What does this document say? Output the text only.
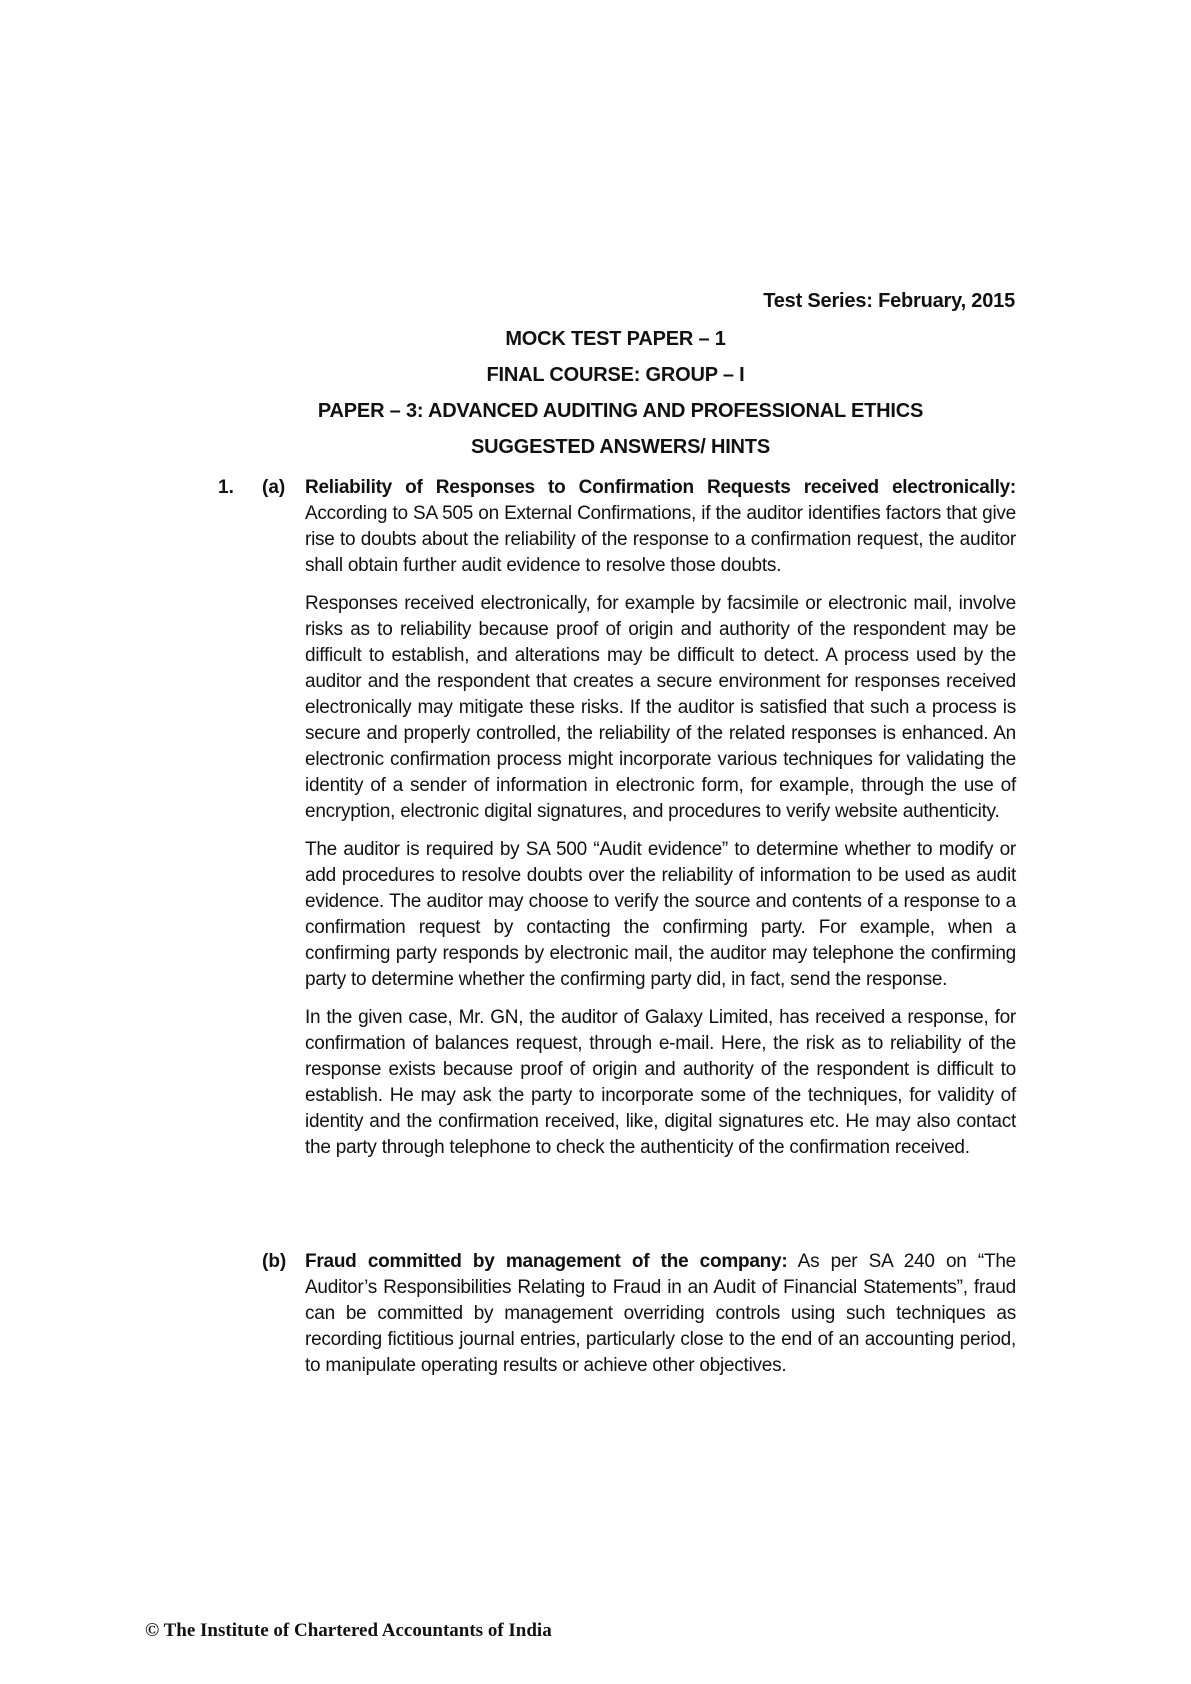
Test Series: February, 2015
MOCK TEST PAPER – 1
FINAL COURSE: GROUP – I
PAPER – 3: ADVANCED AUDITING AND PROFESSIONAL ETHICS
SUGGESTED ANSWERS/ HINTS
1. (a) Reliability of Responses to Confirmation Requests received electronically: According to SA 505 on External Confirmations, if the auditor identifies factors that give rise to doubts about the reliability of the response to a confirmation request, the auditor shall obtain further audit evidence to resolve those doubts.

Responses received electronically, for example by facsimile or electronic mail, involve risks as to reliability because proof of origin and authority of the respondent may be difficult to establish, and alterations may be difficult to detect. A process used by the auditor and the respondent that creates a secure environment for responses received electronically may mitigate these risks. If the auditor is satisfied that such a process is secure and properly controlled, the reliability of the related responses is enhanced. An electronic confirmation process might incorporate various techniques for validating the identity of a sender of information in electronic form, for example, through the use of encryption, electronic digital signatures, and procedures to verify website authenticity.

The auditor is required by SA 500 “Audit evidence” to determine whether to modify or add procedures to resolve doubts over the reliability of information to be used as audit evidence. The auditor may choose to verify the source and contents of a response to a confirmation request by contacting the confirming party. For example, when a confirming party responds by electronic mail, the auditor may telephone the confirming party to determine whether the confirming party did, in fact, send the response.

In the given case, Mr. GN, the auditor of Galaxy Limited, has received a response, for confirmation of balances request, through e-mail. Here, the risk as to reliability of the response exists because proof of origin and authority of the respondent is difficult to establish. He may ask the party to incorporate some of the techniques, for validity of identity and the confirmation received, like, digital signatures etc. He may also contact the party through telephone to check the authenticity of the confirmation received.

(b) Fraud committed by management of the company: As per SA 240 on “The Auditor’s Responsibilities Relating to Fraud in an Audit of Financial Statements”, fraud can be committed by management overriding controls using such techniques as recording fictitious journal entries, particularly close to the end of an accounting period, to manipulate operating results or achieve other objectives.

© The Institute of Chartered Accountants of India
